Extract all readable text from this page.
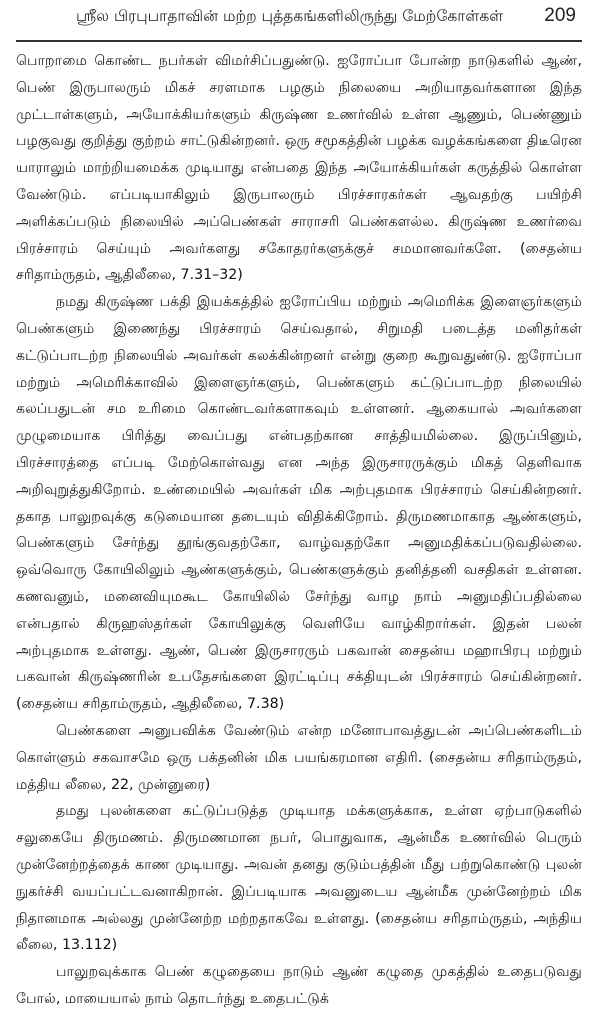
ஸ்ரீல பிரபுபாதாவின் மற்ற புத்தகங்களிலிருந்து மேற்கோள்கள் 209

பொறாமை கொண்ட நபர்கள் விமர்சிப்பதுண்டு. ஐரோப்பா போன்ற நாடுகளில் ஆண், பெண் இருபாலரும் மிகச் சரளமாக பழகும் நிலையை அறியாதவர்களான இந்த முட்டாள்களும், அயோக்கியர்களும் கிருஷ்ண உணர்வில் உள்ள ஆணும், பெண்ணும் பழகுவது குறித்து குற்றம் சாட்டுகின்றனர். ஒரு சமூகத்தின் பழக்க வழக்கங்களை திடீரென யாராலும் மாற்றியமைக்க முடியாது என்பதை இந்த அயோக்கியர்கள் கருத்தில் கொள்ள வேண்டும். எப்படியாகிலும் இருபாலரும் பிரச்சாரகர்கள் ஆவதற்கு பயிற்சி அளிக்கப்படும் நிலையில் அப்பெண்கள் சாராசரி பெண்களல்ல. கிருஷ்ண உணர்வை பிரச்சாரம் செய்யும் அவர்களது சகோதரர்களுக்குச் சமமானவர்களே. (சைதன்ய சரிதாம்ருதம், ஆதிலீலை, 7.31–32)

நமது கிருஷ்ண பக்தி இயக்கத்தில் ஐரோப்பிய மற்றும் அமெரிக்க இளைஞர்களும் பெண்களும் இணைந்து பிரச்சாரம் செய்வதால், சிறுமதி படைத்த மனிதர்கள் கட்டுப்பாடற்ற நிலையில் அவர்கள் கலக்கின்றனர் என்று குறை கூறுவதுண்டு. ஐரோப்பா மற்றும் அமெரிக்காவில் இளைஞர்களும், பெண்களும் கட்டுப்பாடற்ற நிலையில் கலப்பதுடன் சம உரிமை கொண்டவர்களாகவும் உள்ளனர். ஆகையால் அவர்களை முழுமையாக பிரித்து வைப்பது என்பதற்கான சாத்தியமில்லை. இருப்பினும், பிரச்சாரத்தை எப்படி மேற்கொள்வது என அந்த இருசாரருக்கும் மிகத் தெளிவாக அறிவுறுத்துகிறோம். உண்மையில் அவர்கள் மிக அற்புதமாக பிரச்சாரம் செய்கின்றனர். தகாத பாலுறவுக்கு கடுமையான தடையும் விதிக்கிறோம். திருமணமாகாத ஆண்களும், பெண்களும் சேர்ந்து தூங்குவதற்கோ, வாழ்வதற்கோ அனுமதிக்கப்படுவதில்லை. ஒவ்வொரு கோயிலிலும் ஆண்களுக்கும், பெண்களுக்கும் தனித்தனி வசதிகள் உள்ளன. கணவனும், மனைவியுமகூட கோயிலில் சேர்ந்து வாழ நாம் அனுமதிப்பதில்லை என்பதால் கிருஹஸ்தர்கள் கோயிலுக்கு வெளியே வாழ்கிறார்கள். இதன் பலன் அற்புதமாக உள்ளது. ஆண், பெண் இருசாரரும் பகவான் சைதன்ய மஹாபிரபு மற்றும் பகவான் கிருஷ்ணரின் உபதேசங்களை இரட்டிப்பு சக்தியுடன் பிரச்சாரம் செய்கின்றனர். (சைதன்ய சரிதாம்ருதம், ஆதிலீலை, 7.38)

பெண்களை அனுபவிக்க வேண்டும் என்ற மனோபாவத்துடன் அப்பெண்களிடம் கொள்ளும் சகவாசமே ஒரு பக்தனின் மிக பயங்கரமான எதிரி. (சைதன்ய சரிதாம்ருதம், மத்திய லீலை, 22, முன்னுரை)

தமது புலன்களை கட்டுப்படுத்த முடியாத மக்களுக்காக, உள்ள ஏற்பாடுகளில் சலுகையே திருமணம். திருமணமான நபர், பொதுவாக, ஆன்மீக உணர்வில் பெரும் முன்னேற்றத்தைக் காண முடியாது. அவன் தனது குடும்பத்தின் மீது பற்றுகொண்டு புலன் நுகர்ச்சி வயப்பட்டவனாகிறான். இப்படியாக அவனுடைய ஆன்மீக முன்னேற்றம் மிக நிதானமாக அல்லது முன்னேற்ற மற்றதாகவே உள்ளது. (சைதன்ய சரிதாம்ருதம், அந்திய லீலை, 13.112)

பாலுறவுக்காக பெண் கழுதையை நாடும் ஆண் கழுதை முகத்தில் உதைபடுவது போல், மாயையால் நாம் தொடர்ந்து உதைபட்டுக்
